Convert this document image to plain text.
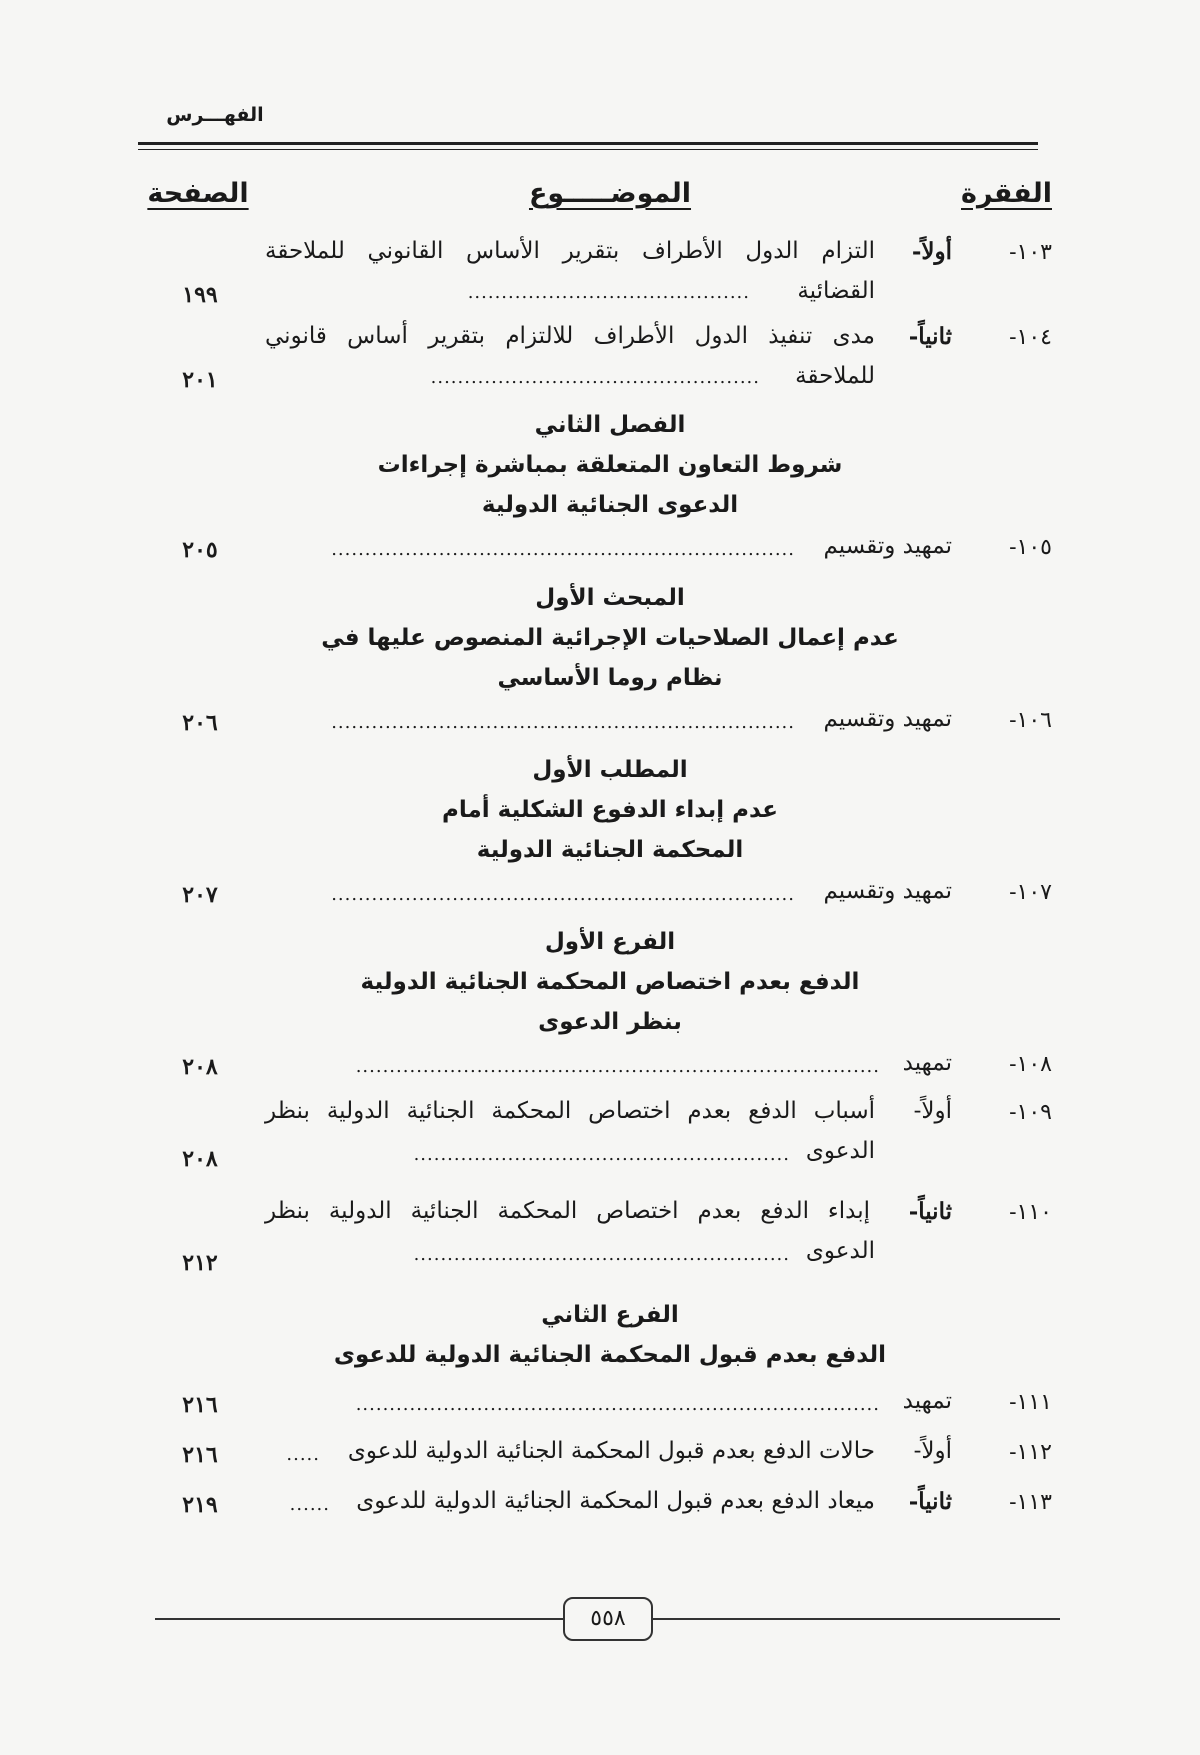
الفهـــرس
الفقرة
الموضـــــوع
الصفحة
١٠٣-
أولاً-
التزام الدول الأطراف بتقرير الأساس القانوني للملاحقة
القضائية
..........................................
١٩٩
١٠٤-
ثانياً-
مدى تنفيذ الدول الأطراف للالتزام بتقرير أساس قانوني
للملاحقة
.................................................
٢٠١
الفصل الثاني
شروط التعاون المتعلقة بمباشرة إجراءات
الدعوى الجنائية الدولية
١٠٥-
تمهيد وتقسيم
.....................................................................
٢٠٥
المبحث الأول
عدم إعمال الصلاحيات الإجرائية المنصوص عليها في
نظام روما الأساسي
١٠٦-
تمهيد وتقسيم
.....................................................................
٢٠٦
المطلب الأول
عدم إبداء الدفوع الشكلية أمام
المحكمة الجنائية الدولية
١٠٧-
تمهيد وتقسيم
.....................................................................
٢٠٧
الفرع الأول
الدفع بعدم اختصاص المحكمة الجنائية الدولية
بنظر الدعوى
١٠٨-
تمهيد
..............................................................................
٢٠٨
١٠٩-
أولاً-
أسباب الدفع بعدم اختصاص المحكمة الجنائية الدولية بنظر
الدعوى
........................................................
٢٠٨
١١٠-
ثانياً-
إبداء الدفع بعدم اختصاص المحكمة الجنائية الدولية بنظر
الدعوى
........................................................
٢١٢
الفرع الثاني
الدفع بعدم قبول المحكمة الجنائية الدولية للدعوى
١١١-
تمهيد
..............................................................................
٢١٦
١١٢-
أولاً-
حالات الدفع بعدم قبول المحكمة الجنائية الدولية للدعوى
.....
٢١٦
١١٣-
ثانياً-
ميعاد الدفع بعدم قبول المحكمة الجنائية الدولية للدعوى
......
٢١٩
٥٥٨
